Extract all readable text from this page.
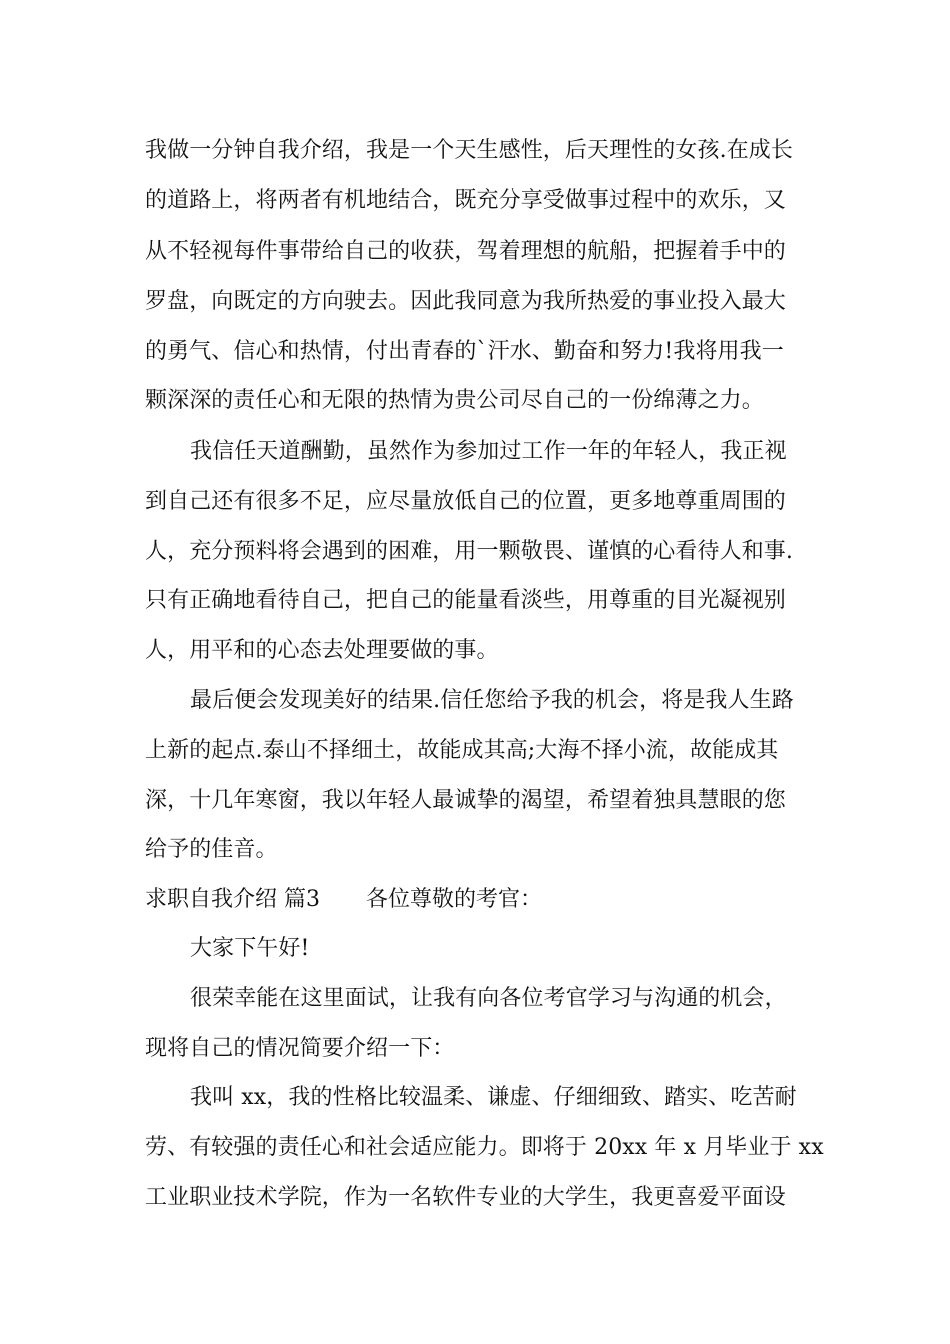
我做一分钟自我介绍，我是一个天生感性，后天理性的女孩.在成长
的道路上，将两者有机地结合，既充分享受做事过程中的欢乐，又
从不轻视每件事带给自己的收获，驾着理想的航船，把握着手中的
罗盘，向既定的方向驶去。因此我同意为我所热爱的事业投入最大
的勇气、信心和热情，付出青春的`汗水、勤奋和努力!我将用我一
颗深深的责任心和无限的热情为贵公司尽自己的一份绵薄之力。
我信任天道酬勤，虽然作为参加过工作一年的年轻人，我正视
到自己还有很多不足，应尽量放低自己的位置，更多地尊重周围的
人，充分预料将会遇到的困难，用一颗敬畏、谨慎的心看待人和事.
只有正确地看待自己，把自己的能量看淡些，用尊重的目光凝视别
人，用平和的心态去处理要做的事。
最后便会发现美好的结果.信任您给予我的机会，将是我人生路
上新的起点.泰山不择细土，故能成其高;大海不择小流，故能成其
深，十几年寒窗，我以年轻人最诚挚的渴望，希望着独具慧眼的您
给予的佳音。
求职自我介绍 篇3 各位尊敬的考官：
大家下午好!
很荣幸能在这里面试，让我有向各位考官学习与沟通的机会，
现将自己的情况简要介绍一下：
我叫 xx，我的性格比较温柔、谦虚、仔细细致、踏实、吃苦耐
劳、有较强的责任心和社会适应能力。即将于 20xx 年 x 月毕业于 xx
工业职业技术学院，作为一名软件专业的大学生，我更喜爱平面设
